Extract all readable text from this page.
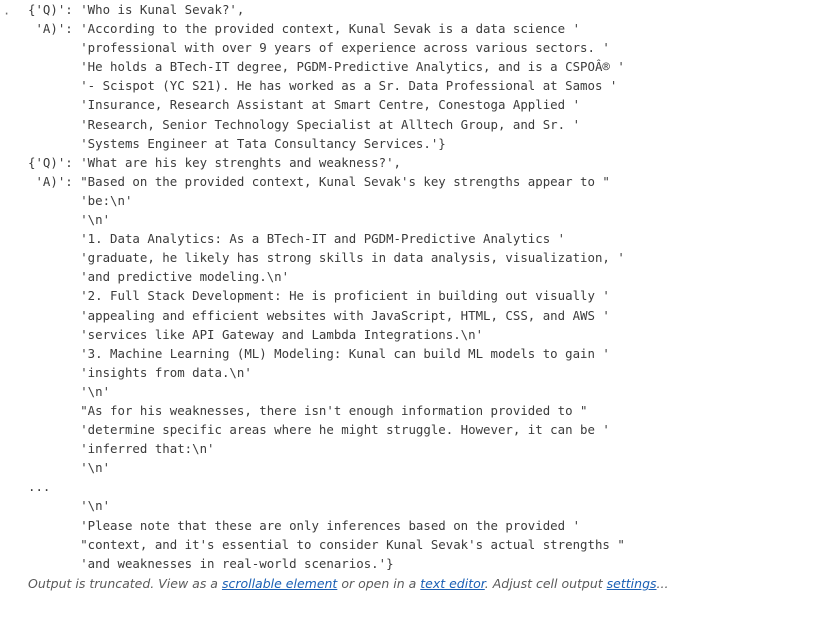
· {'Q)': 'Who is Kunal Sevak?',
'A)': 'According to the provided context, Kunal Sevak is a data science '
'professional with over 9 years of experience across various sectors. '
'He holds a BTech-IT degree, PGDM-Predictive Analytics, and is a CSPOÂ® '
'- Scispot (YC S21). He has worked as a Sr. Data Professional at Samos '
'Insurance, Research Assistant at Smart Centre, Conestoga Applied '
'Research, Senior Technology Specialist at Alltech Group, and Sr. '
'Systems Engineer at Tata Consultancy Services.'}
{'Q)': 'What are his key strenghts and weakness?',
'A)': "Based on the provided context, Kunal Sevak's key strengths appear to "
'be:\n'
'\n'
'1. Data Analytics: As a BTech-IT and PGDM-Predictive Analytics '
'graduate, he likely has strong skills in data analysis, visualization, '
'and predictive modeling.\n'
'2. Full Stack Development: He is proficient in building out visually '
'appealing and efficient websites with JavaScript, HTML, CSS, and AWS '
'services like API Gateway and Lambda Integrations.\n'
'3. Machine Learning (ML) Modeling: Kunal can build ML models to gain '
'insights from data.\n'
'\n'
"As for his weaknesses, there isn't enough information provided to "
'determine specific areas where he might struggle. However, it can be '
'inferred that:\n'
'\n'
...
'\n'
'Please note that these are only inferences based on the provided '
"context, and it's essential to consider Kunal Sevak's actual strengths "
'and weaknesses in real-world scenarios.'}
Output is truncated. View as a scrollable element or open in a text editor. Adjust cell output settings...
